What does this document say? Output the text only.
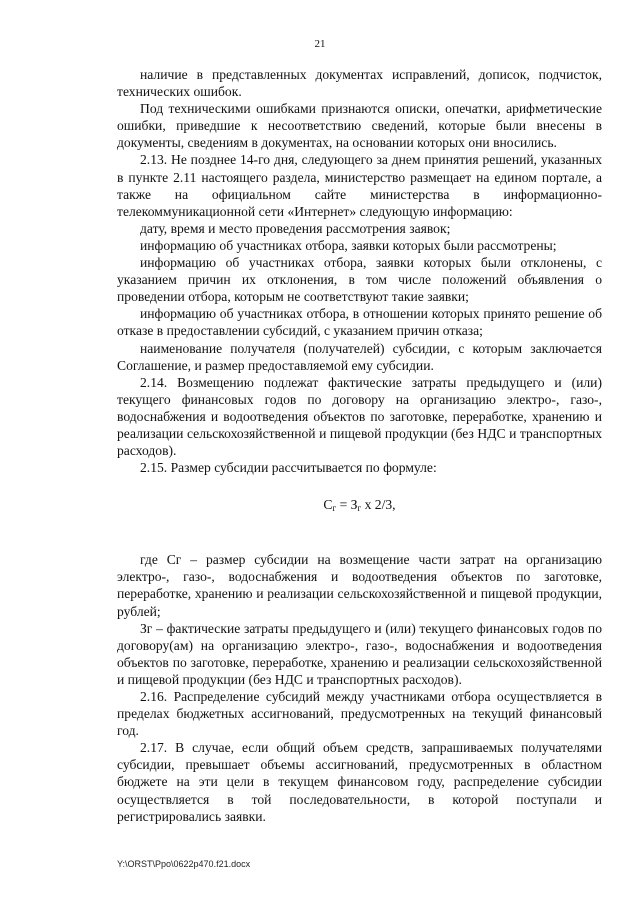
21

наличие в представленных документах исправлений, дописок, подчисток, технических ошибок.

Под техническими ошибками признаются описки, опечатки, арифметические ошибки, приведшие к несоответствию сведений, которые были внесены в документы, сведениям в документах, на основании которых они вносились.

2.13. Не позднее 14-го дня, следующего за днем принятия решений, указанных в пункте 2.11 настоящего раздела, министерство размещает на едином портале, а также на официальном сайте министерства в информационно-телекоммуникационной сети «Интернет» следующую информацию:

дату, время и место проведения рассмотрения заявок;

информацию об участниках отбора, заявки которых были рассмотрены;

информацию об участниках отбора, заявки которых были отклонены, с указанием причин их отклонения, в том числе положений объявления о проведении отбора, которым не соответствуют такие заявки;

информацию об участниках отбора, в отношении которых принято решение об отказе в предоставлении субсидий, с указанием причин отказа;

наименование получателя (получателей) субсидии, с которым заключается Соглашение, и размер предоставляемой ему субсидии.

2.14. Возмещению подлежат фактические затраты предыдущего и (или) текущего финансовых годов по договору на организацию электро-, газо-, водоснабжения и водоотведения объектов по заготовке, переработке, хранению и реализации сельскохозяйственной и пищевой продукции (без НДС и транспортных расходов).

2.15. Размер субсидии рассчитывается по формуле:

$С_г = З_г$ х 2/3,

где Сг – размер субсидии на возмещение части затрат на организацию электро-, газо-, водоснабжения и водоотведения объектов по заготовке, переработке, хранению и реализации сельскохозяйственной и пищевой продукции, рублей;

Зг – фактические затраты предыдущего и (или) текущего финансовых годов по договору(ам) на организацию электро-, газо-, водоснабжения и водоотведения объектов по заготовке, переработке, хранению и реализации сельскохозяйственной и пищевой продукции (без НДС и транспортных расходов).

2.16. Распределение субсидий между участниками отбора осуществляется в пределах бюджетных ассигнований, предусмотренных на текущий финансовый год.

2.17. В случае, если общий объем средств, запрашиваемых получателями субсидии, превышает объемы ассигнований, предусмотренных в областном бюджете на эти цели в текущем финансовом году, распределение субсидии осуществляется в той последовательности, в которой поступали и регистрировались заявки.

Y:\ORST\Ppo\0622p470.f21.docx
